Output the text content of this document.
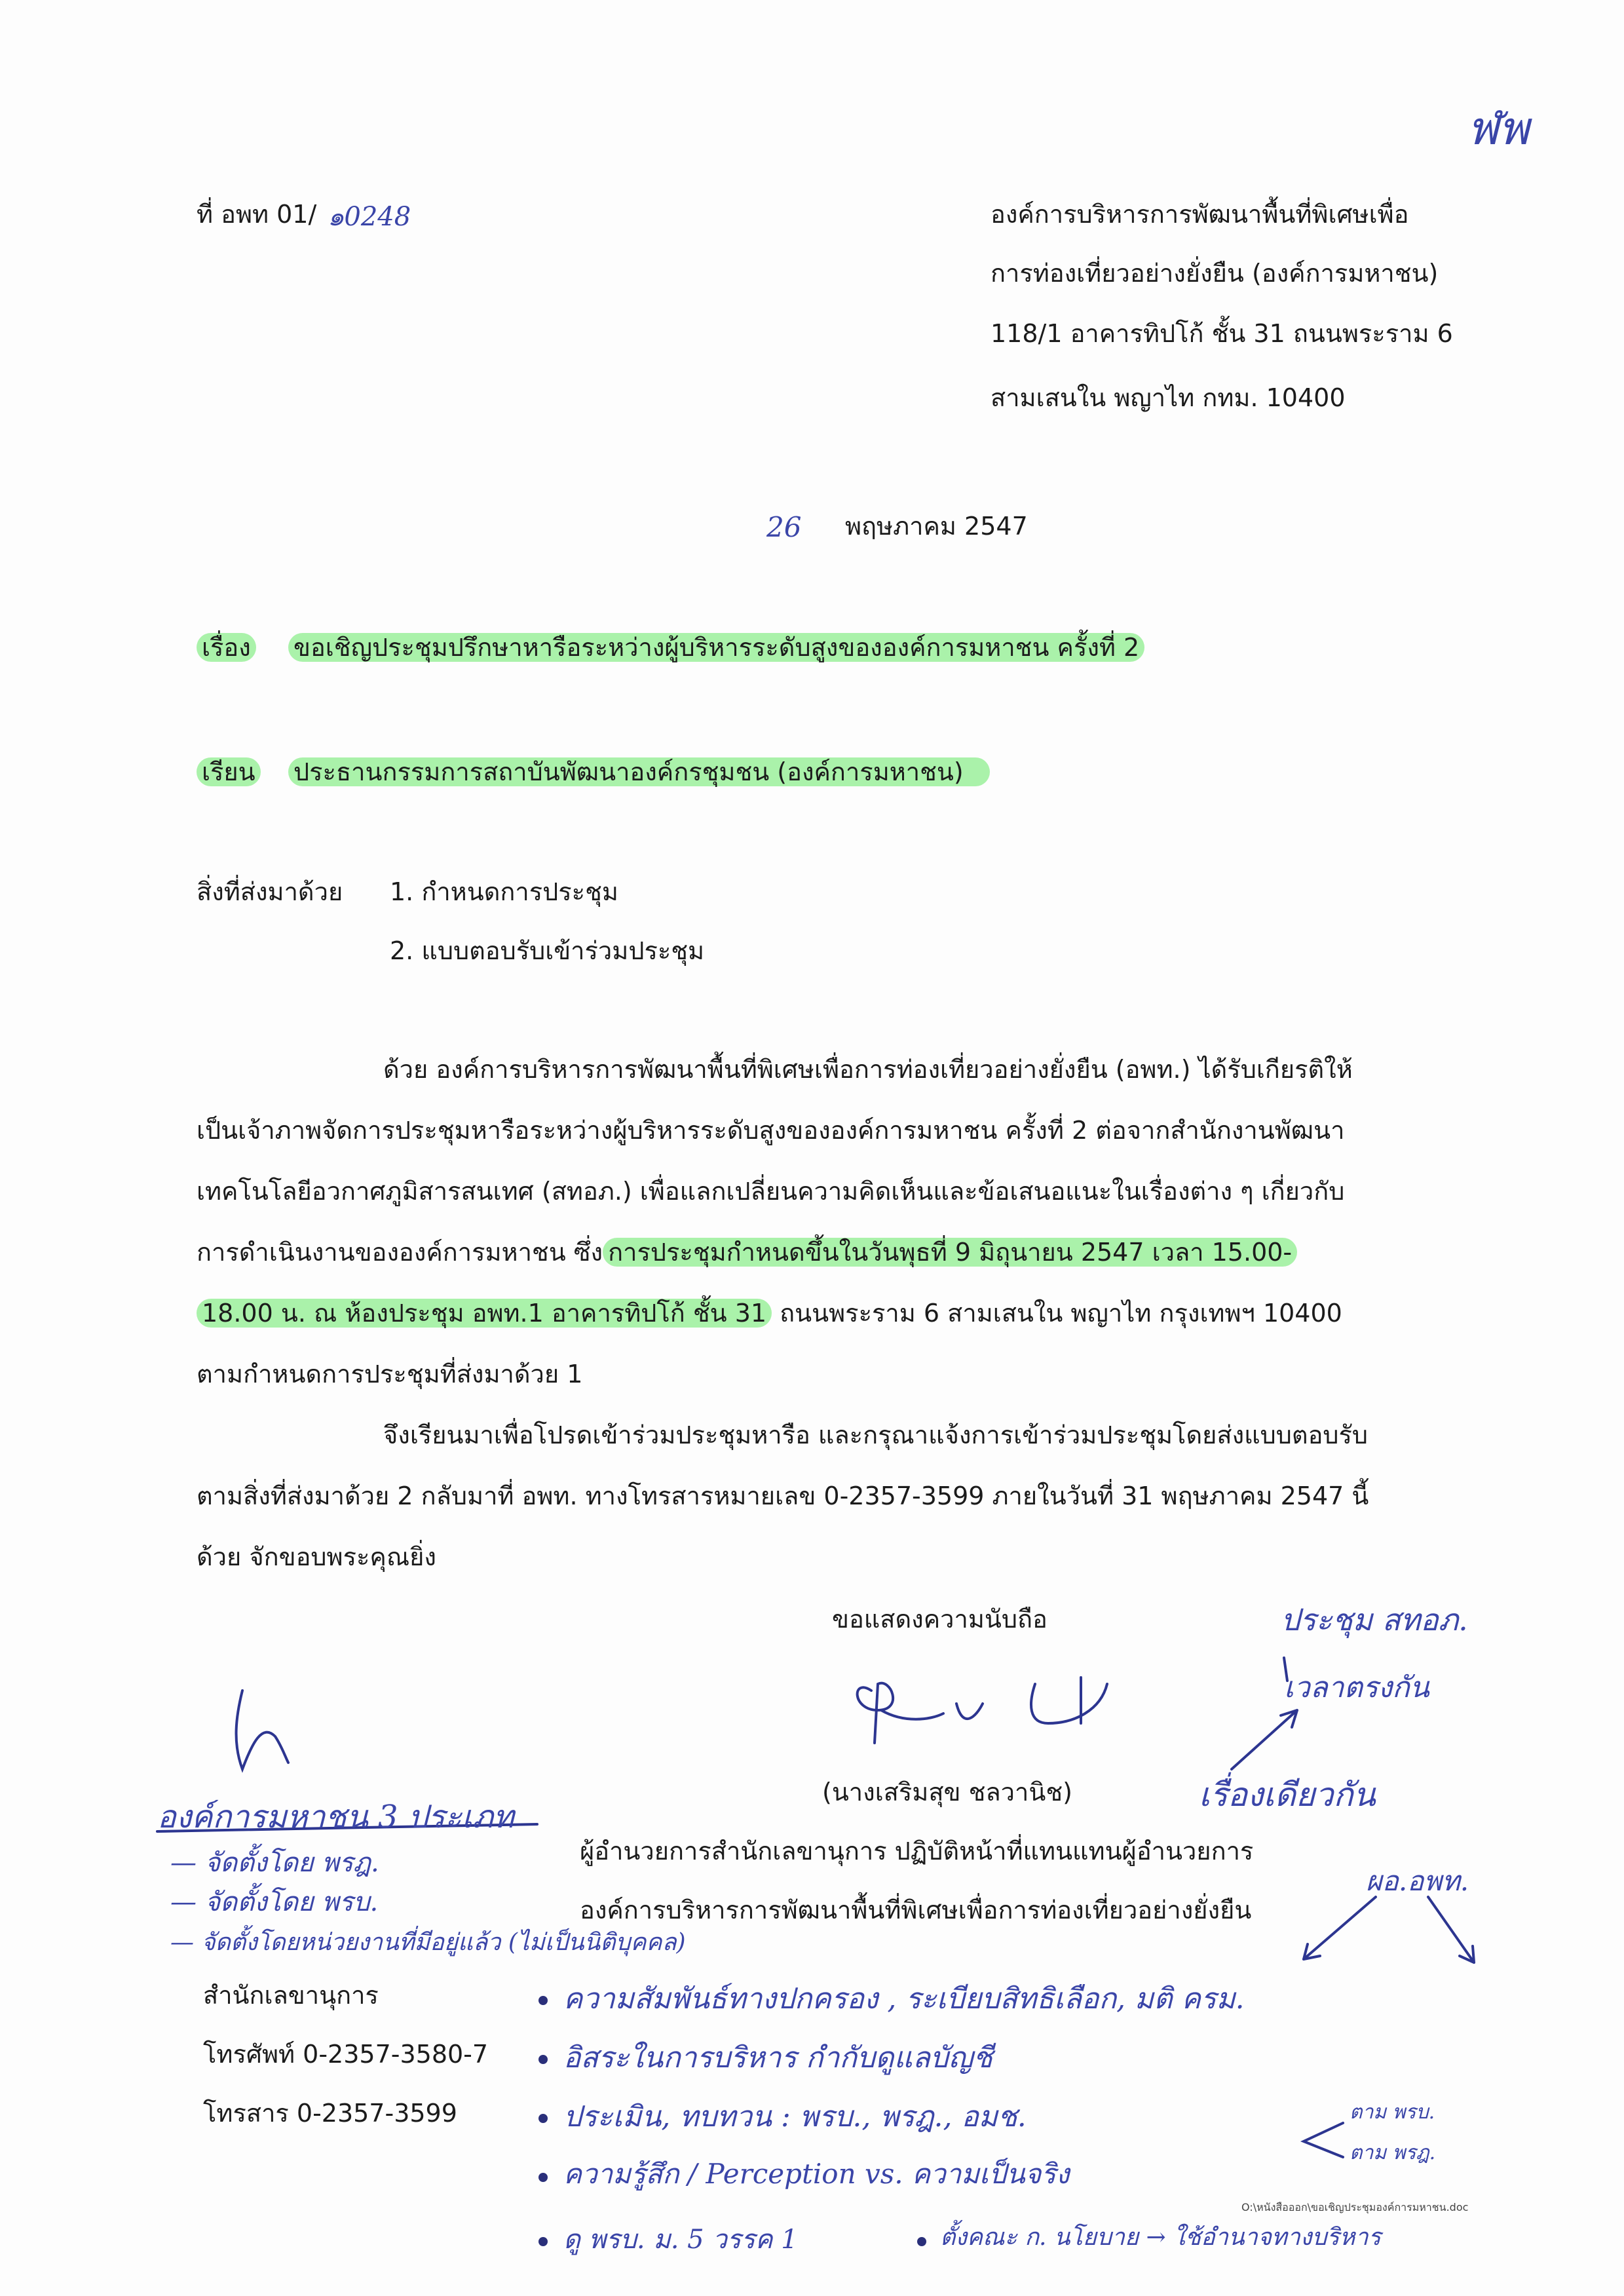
ฬพ
ที่ อพท 01/ ๑0248	องค์การบริหารการพัฒนาพื้นที่พิเศษเพื่อ
การท่องเที่ยวอย่างยั่งยืน (องค์การมหาชน)
118/1 อาคารทิปโก้ ชั้น 31 ถนนพระราม 6
สามเสนใน พญาไท กทม. 10400
26 พฤษภาคม 2547
เรื่อง ขอเชิญประชุมปรึกษาหารือระหว่างผู้บริหารระดับสูงขององค์การมหาชน ครั้งที่ 2
เรียน ประธานกรรมการสถาบันพัฒนาองค์กรชุมชน (องค์การมหาชน)
สิ่งที่ส่งมาด้วย 1. กำหนดการประชุม
2. แบบตอบรับเข้าร่วมประชุม
ด้วย องค์การบริหารการพัฒนาพื้นที่พิเศษเพื่อการท่องเที่ยวอย่างยั่งยืน (อพท.) ได้รับเกียรติให้
เป็นเจ้าภาพจัดการประชุมหารือระหว่างผู้บริหารระดับสูงขององค์การมหาชน ครั้งที่ 2 ต่อจากสำนักงานพัฒนา
เทคโนโลยีอวกาศภูมิสารสนเทศ (สทอภ.) เพื่อแลกเปลี่ยนความคิดเห็นและข้อเสนอแนะในเรื่องต่าง ๆ เกี่ยวกับ
การดำเนินงานขององค์การมหาชน ซึ่ง การประชุมกำหนดขึ้นในวันพุธที่ 9 มิถุนายน 2547 เวลา 15.00-
18.00 น. ณ ห้องประชุม อพท.1 อาคารทิปโก้ ชั้น 31 ถนนพระราม 6 สามเสนใน พญาไท กรุงเทพฯ 10400
ตามกำหนดการประชุมที่ส่งมาด้วย 1
จึงเรียนมาเพื่อโปรดเข้าร่วมประชุมหารือ และกรุณาแจ้งการเข้าร่วมประชุมโดยส่งแบบตอบรับ
ตามสิ่งที่ส่งมาด้วย 2 กลับมาที่ อพท. ทางโทรสารหมายเลข 0-2357-3599 ภายในวันที่ 31 พฤษภาคม 2547 นี้
ด้วย จักขอบพระคุณยิ่ง
ขอแสดงความนับถือ
(นางเสริมสุข ชลวานิช)
ผู้อำนวยการสำนักเลขานุการ ปฏิบัติหน้าที่แทนแทนผู้อำนวยการ
องค์การบริหารการพัฒนาพื้นที่พิเศษเพื่อการท่องเที่ยวอย่างยั่งยืน
สำนักเลขานุการ
โทรศัพท์ 0-2357-3580-7
โทรสาร 0-2357-3599
O:\หนังสือออก\ขอเชิญประชุมองค์การมหาชน.doc
ประชุม สทอภ.
เวลาตรงกัน
เรื่องเดียวกัน
ผอ.อพท.
องค์การมหาชน 3 ประเภท
— จัดตั้งโดย พรฎ.
— จัดตั้งโดย พรบ.
— จัดตั้งโดยหน่วยงานที่มีอยู่แล้ว (ไม่เป็นนิติบุคคล)
ความสัมพันธ์ทางปกครอง , ระเบียบสิทธิเลือก, มติ ครม.
อิสระในการบริหาร กำกับดูแลบัญชี
ประเมิน, ทบทวน : พรบ., พรฎ., อมช.	ตาม พรบ.
ตาม พรฎ.
ความรู้สึก / Perception vs. ความเป็นจริง
ดู พรบ. ม. 5 วรรค 1	ตั้งคณะ ก. นโยบาย → ใช้อำนาจทางบริหาร
